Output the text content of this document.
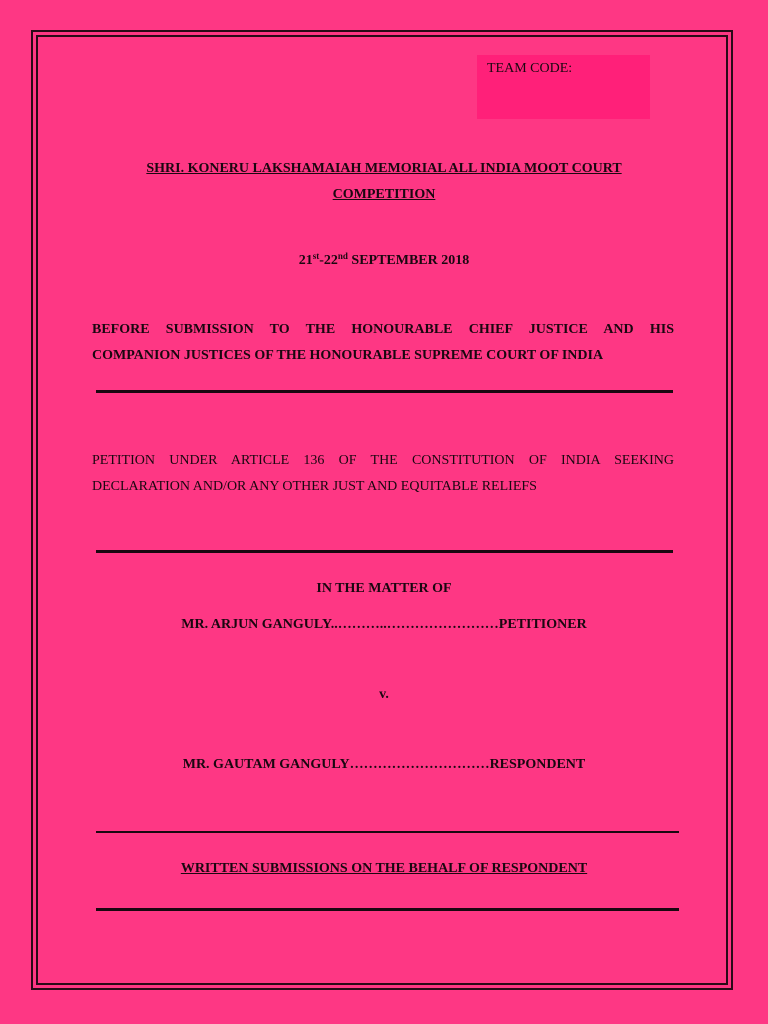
TEAM CODE:
SHRI. KONERU LAKSHAMAIAH MEMORIAL ALL INDIA MOOT COURT
COMPETITION
21st-22nd SEPTEMBER 2018
BEFORE SUBMISSION TO THE HONOURABLE CHIEF JUSTICE AND HIS
COMPANION JUSTICES OF THE HONOURABLE SUPREME COURT OF INDIA
PETITION UNDER ARTICLE 136 OF THE CONSTITUTION OF INDIA SEEKING
DECLARATION AND/OR ANY OTHER JUST AND EQUITABLE RELIEFS
IN THE MATTER OF
MR. ARJUN GANGULY..………..……………………PETITIONER
v.
MR. GAUTAM GANGULY…………………………RESPONDENT
WRITTEN SUBMISSIONS ON THE BEHALF OF RESPONDENT
